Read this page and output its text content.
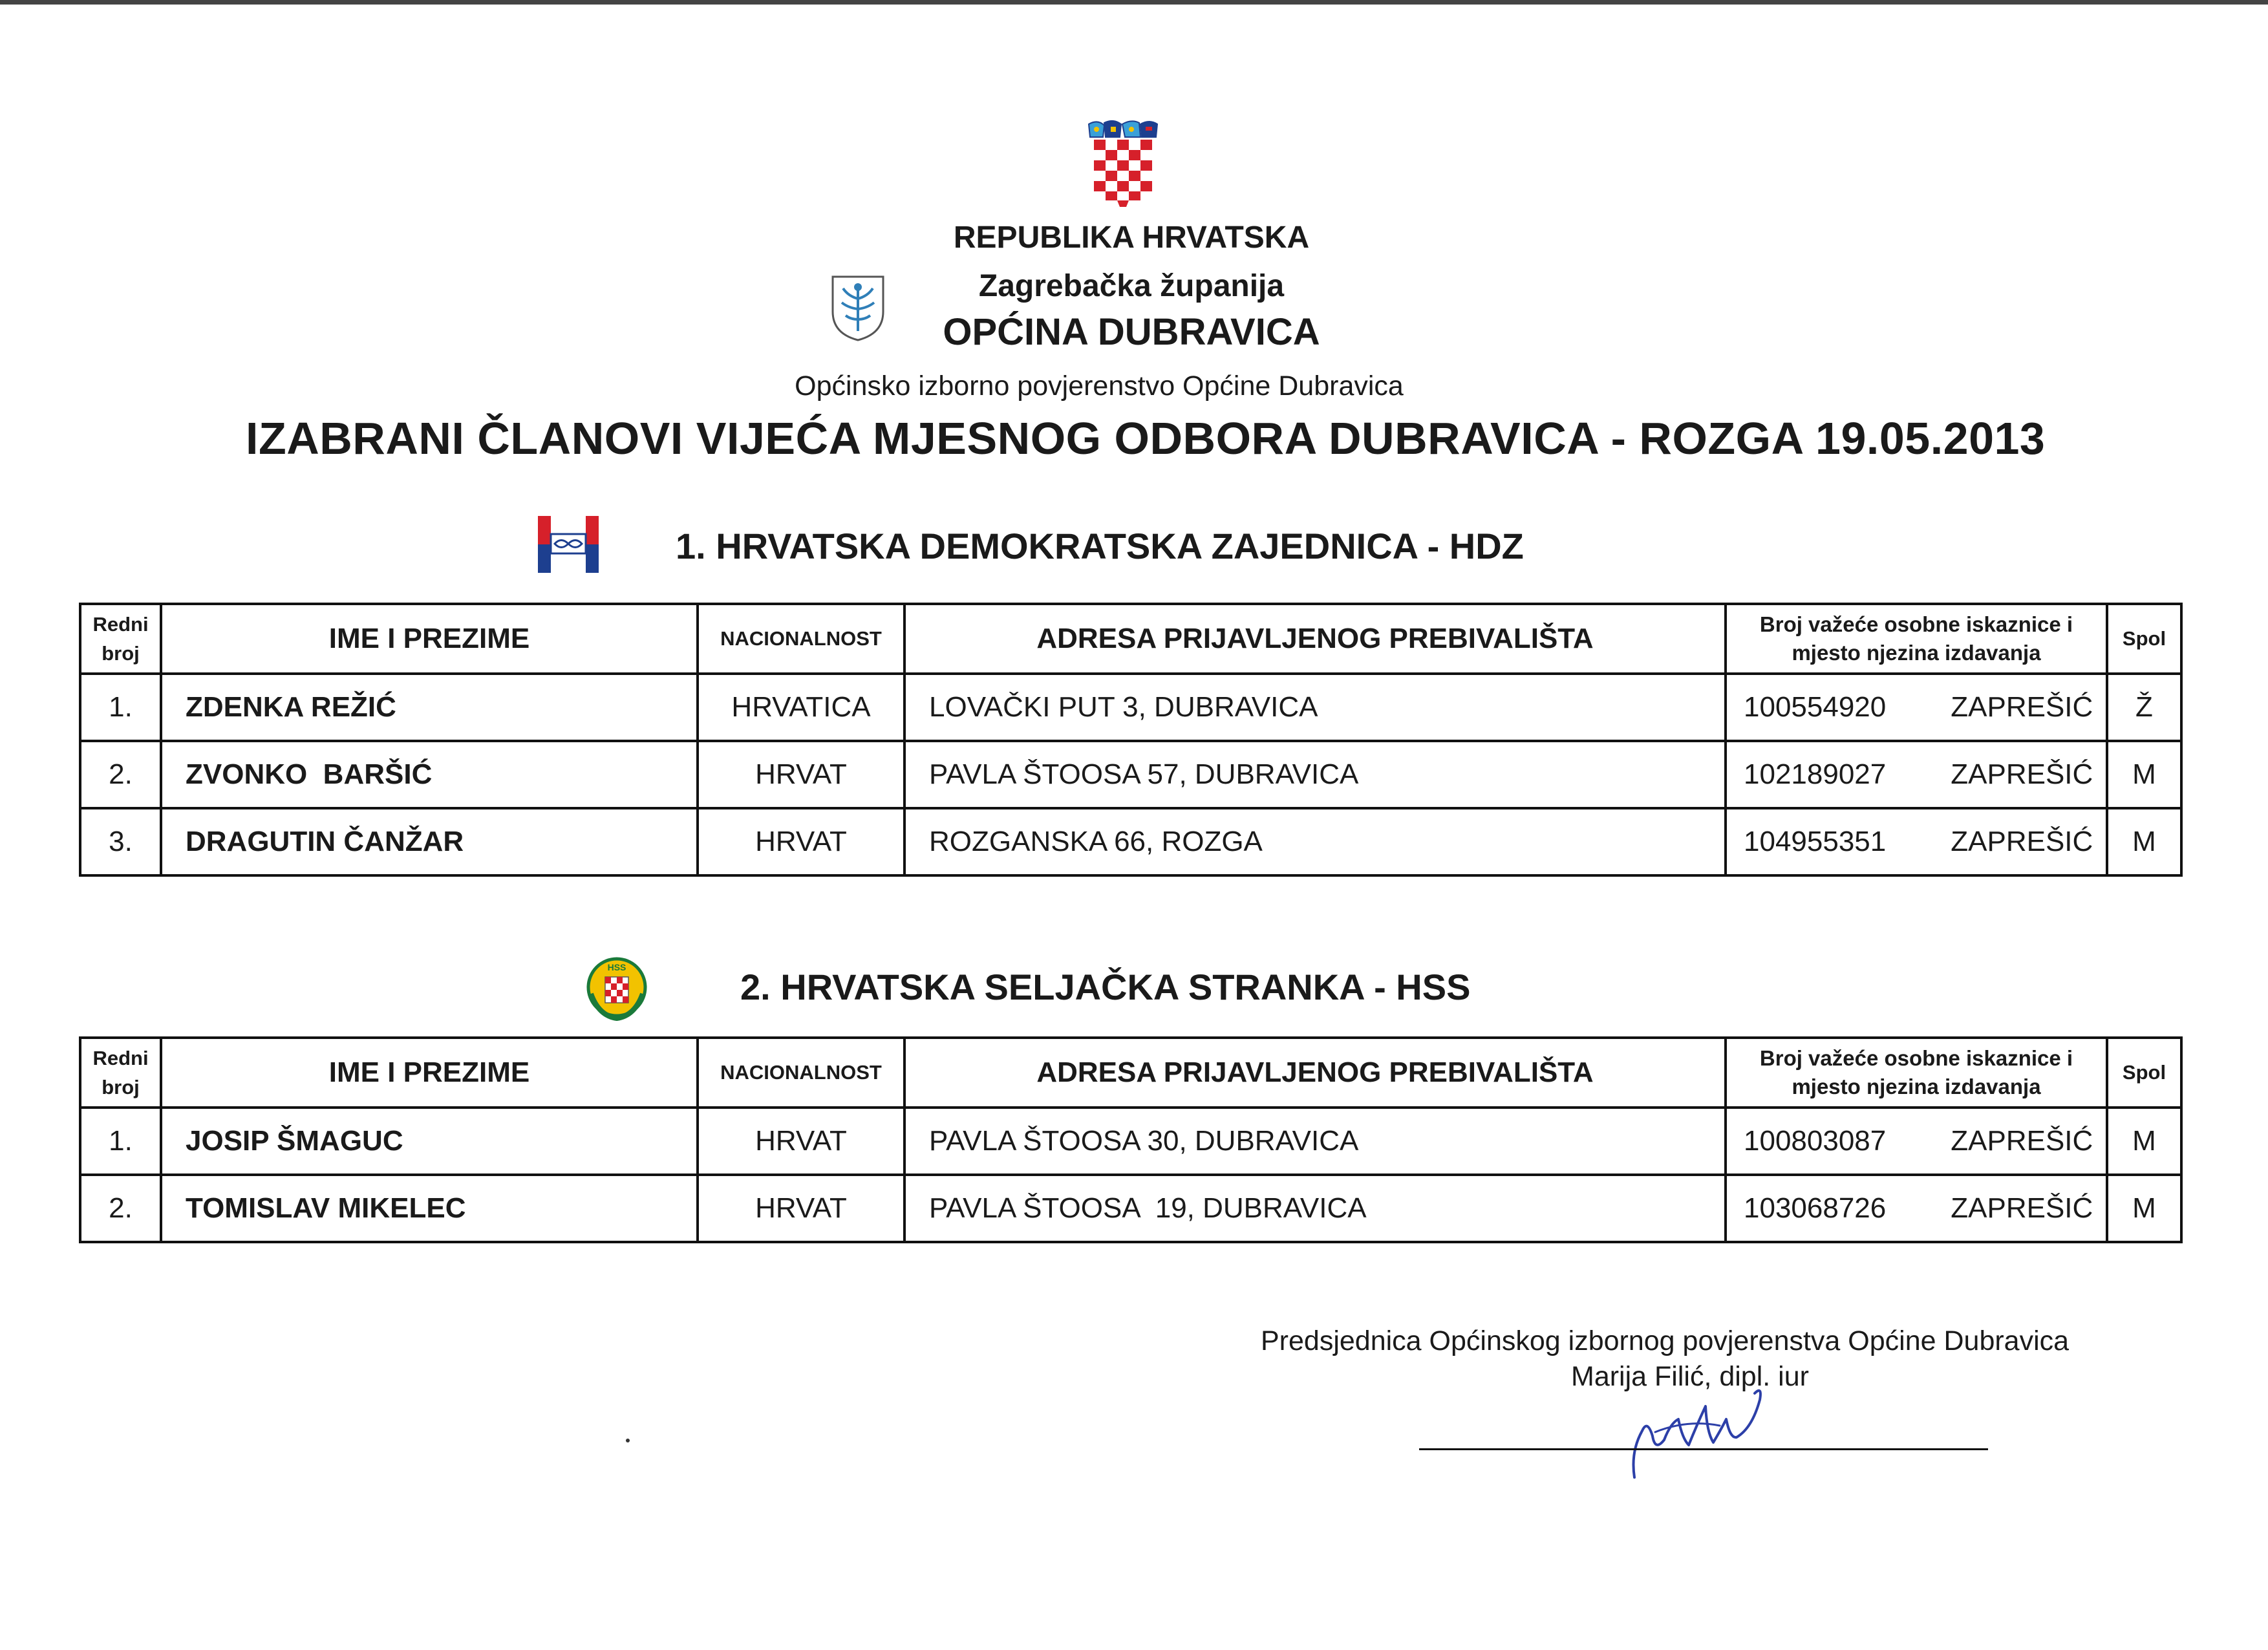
REPUBLIKA HRVATSKA
Zagrebačka županija
OPĆINA DUBRAVICA
Općinsko izborno povjerenstvo Općine Dubravica
IZABRANI ČLANOVI VIJEĆA MJESNOG ODBORA DUBRAVICA - ROZGA 19.05.2013
1. HRVATSKA DEMOKRATSKA ZAJEDNICA - HDZ
Redni broj	IME I PREZIME	NACIONALNOST	ADRESA PRIJAVLJENOG PREBIVALIŠTA	Broj važeće osobne iskaznice i mjesto njezina izdavanja	Spol
1.	ZDENKA REŽIĆ	HRVATICA	LOVAČKI PUT 3, DUBRAVICA	100554920 ZAPREŠIĆ	Ž
2.	ZVONKO  BARŠIĆ	HRVAT	PAVLA ŠTOOSA 57, DUBRAVICA	102189027 ZAPREŠIĆ	M
3.	DRAGUTIN ČANŽAR	HRVAT	ROZGANSKA 66, ROZGA	104955351 ZAPREŠIĆ	M
HSS	2. HRVATSKA SELJAČKA STRANKA - HSS
Redni broj	IME I PREZIME	NACIONALNOST	ADRESA PRIJAVLJENOG PREBIVALIŠTA	Broj važeće osobne iskaznice i mjesto njezina izdavanja	Spol
1.	JOSIP ŠMAGUC	HRVAT	PAVLA ŠTOOSA 30, DUBRAVICA	100803087 ZAPREŠIĆ	M
2.	TOMISLAV MIKELEC	HRVAT	PAVLA ŠTOOSA  19, DUBRAVICA	103068726 ZAPREŠIĆ	M
Predsjednica Općinskog izbornog povjerenstva Općine Dubravica
Marija Filić, dipl. iur
